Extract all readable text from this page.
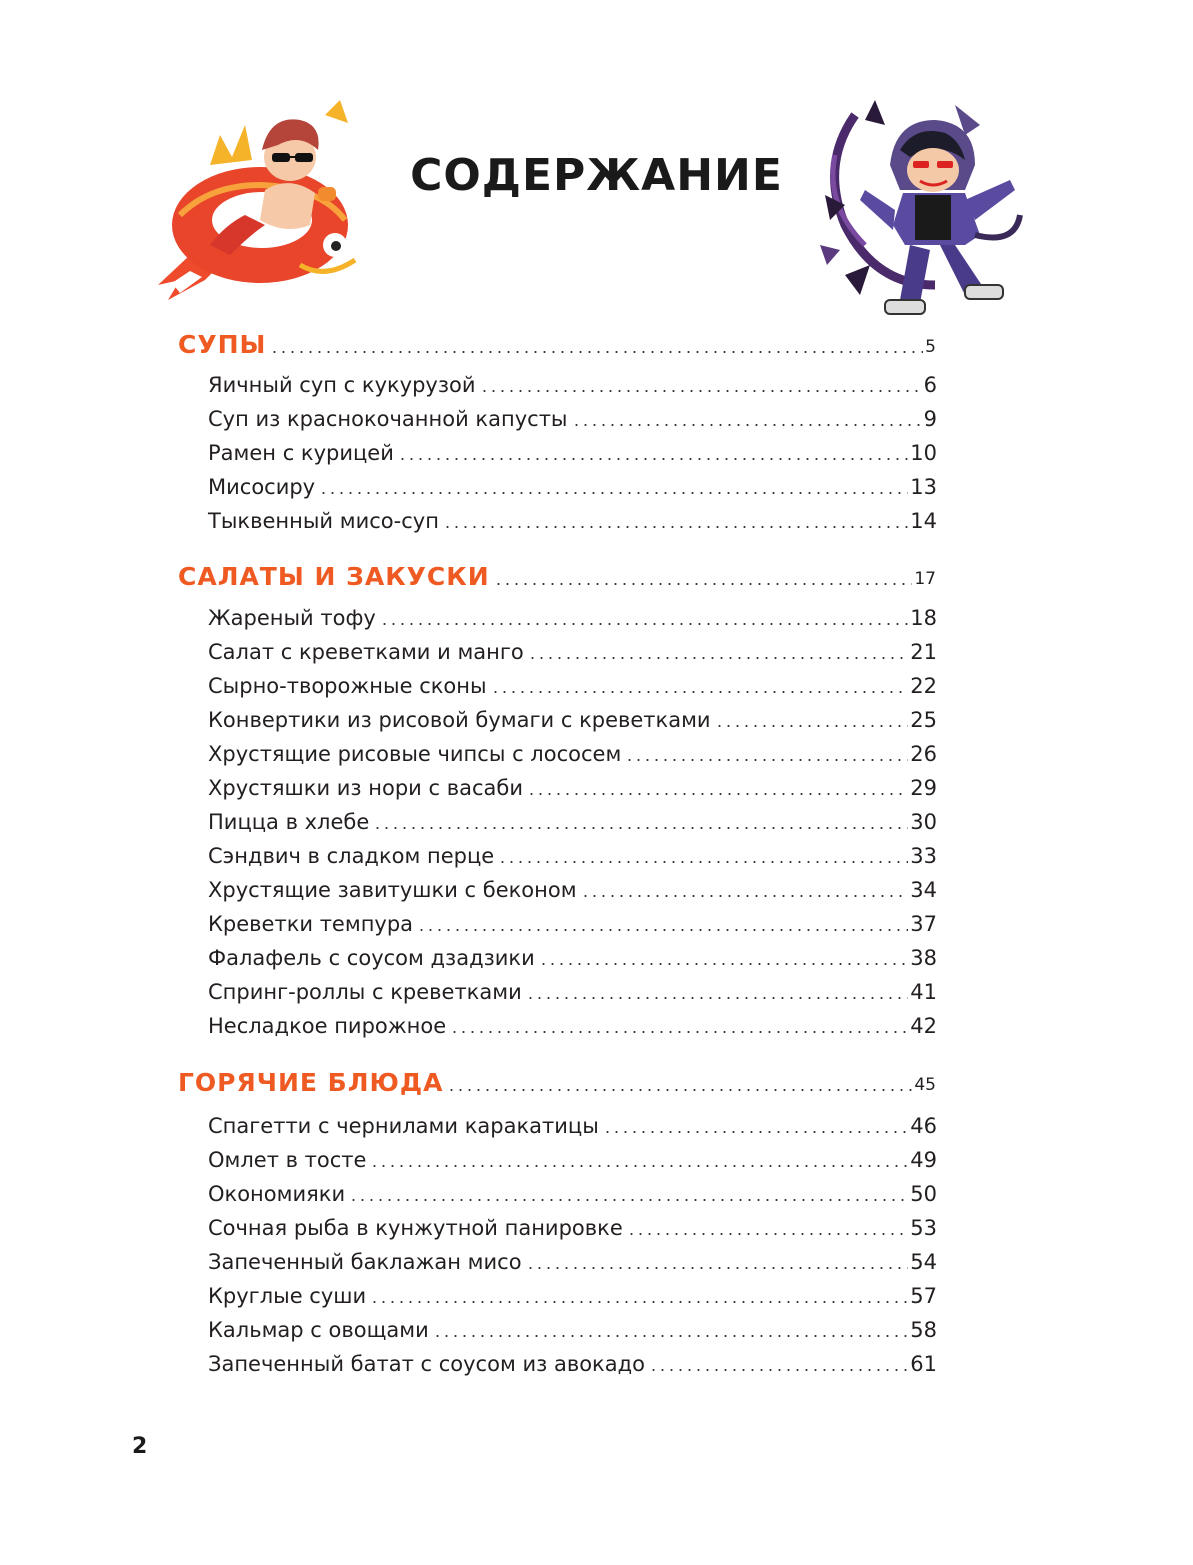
СОДЕРЖАНИЕ
СУПЫ	5
Яичный суп с кукурузой	6
Суп из краснокочанной капусты	9
Рамен с курицей	10
Мисосиру	13
Тыквенный мисо-суп	14
САЛАТЫ И ЗАКУСКИ	17
Жареный тофу	18
Салат с креветками и манго	21
Сырно-творожные сконы	22
Конвертики из рисовой бумаги с креветками	25
Хрустящие рисовые чипсы с лососем	26
Хрустяшки из нори с васаби	29
Пицца в хлебе	30
Сэндвич в сладком перце	33
Хрустящие завитушки с беконом	34
Креветки темпура	37
Фалафель с соусом дзадзики	38
Спринг-роллы с креветками	41
Несладкое пирожное	42
ГОРЯЧИЕ БЛЮДА	45
Спагетти с чернилами каракатицы	46
Омлет в тосте	49
Окономияки	50
Сочная рыба в кунжутной панировке	53
Запеченный баклажан мисо	54
Круглые суши	57
Кальмар с овощами	58
Запеченный батат с соусом из авокадо	61
2
